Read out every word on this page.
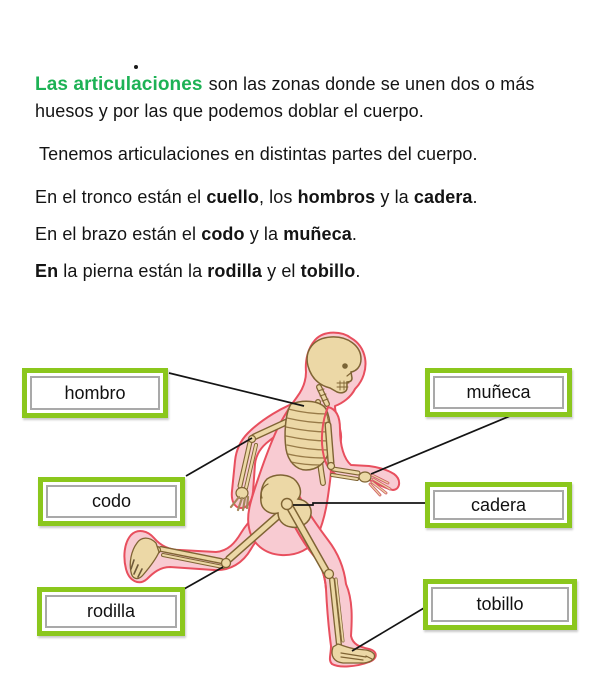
Las articulaciones son las zonas donde se unen dos o más
huesos y por las que podemos doblar el cuerpo.

Tenemos articulaciones en distintas partes del cuerpo.

En el tronco están el cuello, los hombros y la cadera.

En el brazo están el codo y la muñeca.

En la pierna están la rodilla y el tobillo.

hombro	muñeca
codo	cadera
rodilla	tobillo
